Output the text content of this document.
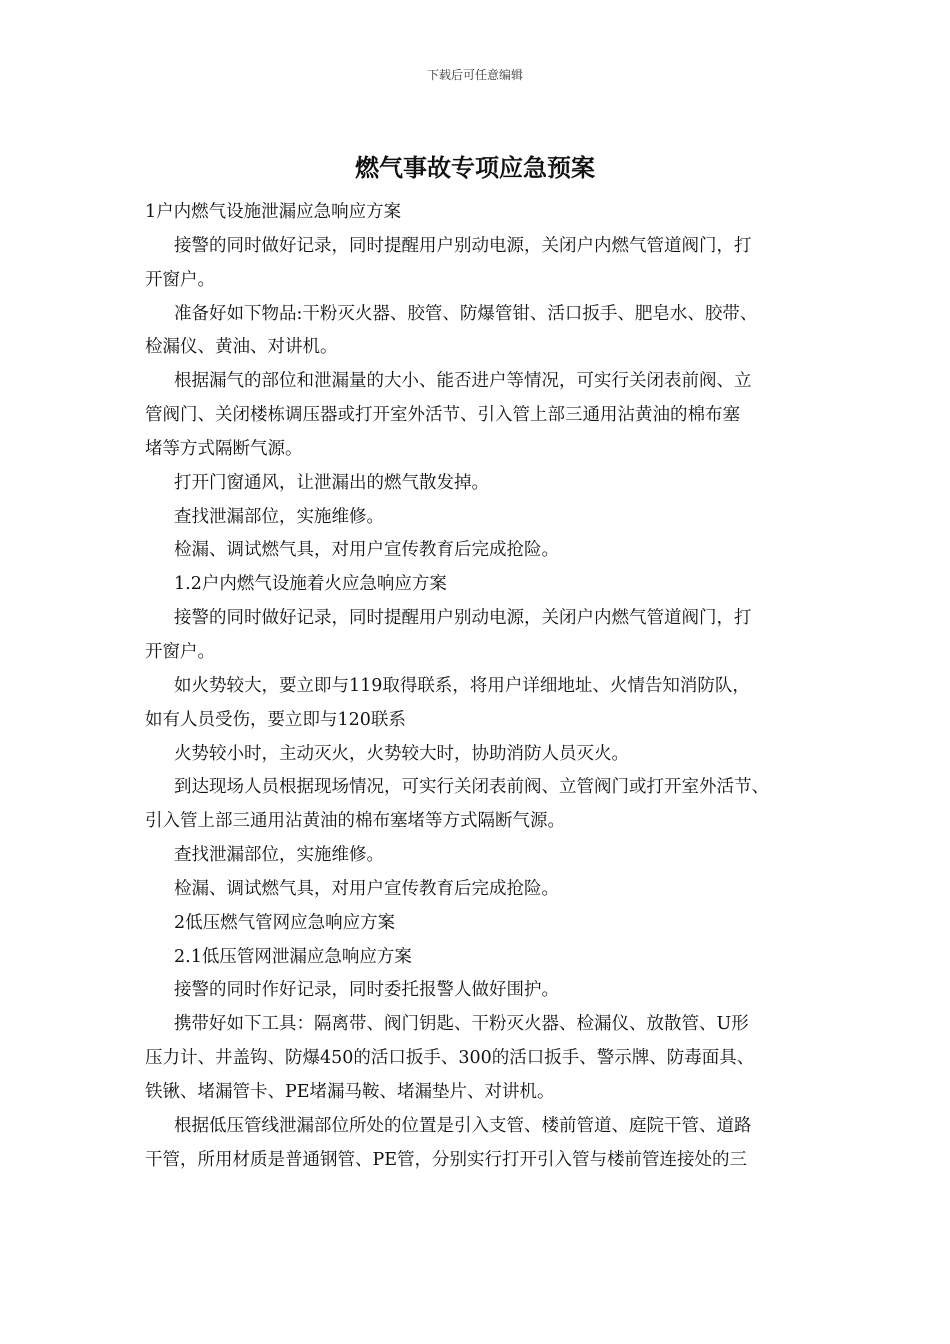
下载后可任意编辑
燃气事故专项应急预案
1户内燃气设施泄漏应急响应方案
接警的同时做好记录，同时提醒用户别动电源，关闭户内燃气管道阀门，打
开窗户。
准备好如下物品:干粉灭火器、胶管、防爆管钳、活口扳手、肥皂水、胶带、
检漏仪、黄油、对讲机。
根据漏气的部位和泄漏量的大小、能否进户等情况，可实行关闭表前阀、立
管阀门、关闭楼栋调压器或打开室外活节、引入管上部三通用沾黄油的棉布塞
堵等方式隔断气源。
打开门窗通风，让泄漏出的燃气散发掉。
查找泄漏部位，实施维修。
检漏、调试燃气具，对用户宣传教育后完成抢险。
1.2户内燃气设施着火应急响应方案
接警的同时做好记录，同时提醒用户别动电源，关闭户内燃气管道阀门，打
开窗户。
如火势较大，要立即与119取得联系，将用户详细地址、火情告知消防队，
如有人员受伤，要立即与120联系
火势较小时，主动灭火，火势较大时，协助消防人员灭火。
到达现场人员根据现场情况，可实行关闭表前阀、立管阀门或打开室外活节、
引入管上部三通用沾黄油的棉布塞堵等方式隔断气源。
查找泄漏部位，实施维修。
检漏、调试燃气具，对用户宣传教育后完成抢险。
2低压燃气管网应急响应方案
2.1低压管网泄漏应急响应方案
接警的同时作好记录，同时委托报警人做好围护。
携带好如下工具：隔离带、阀门钥匙、干粉灭火器、检漏仪、放散管、U形
压力计、井盖钩、防爆450的活口扳手、300的活口扳手、警示牌、防毒面具、
铁锹、堵漏管卡、PE堵漏马鞍、堵漏垫片、对讲机。
根据低压管线泄漏部位所处的位置是引入支管、楼前管道、庭院干管、道路
干管，所用材质是普通钢管、PE管，分别实行打开引入管与楼前管连接处的三
